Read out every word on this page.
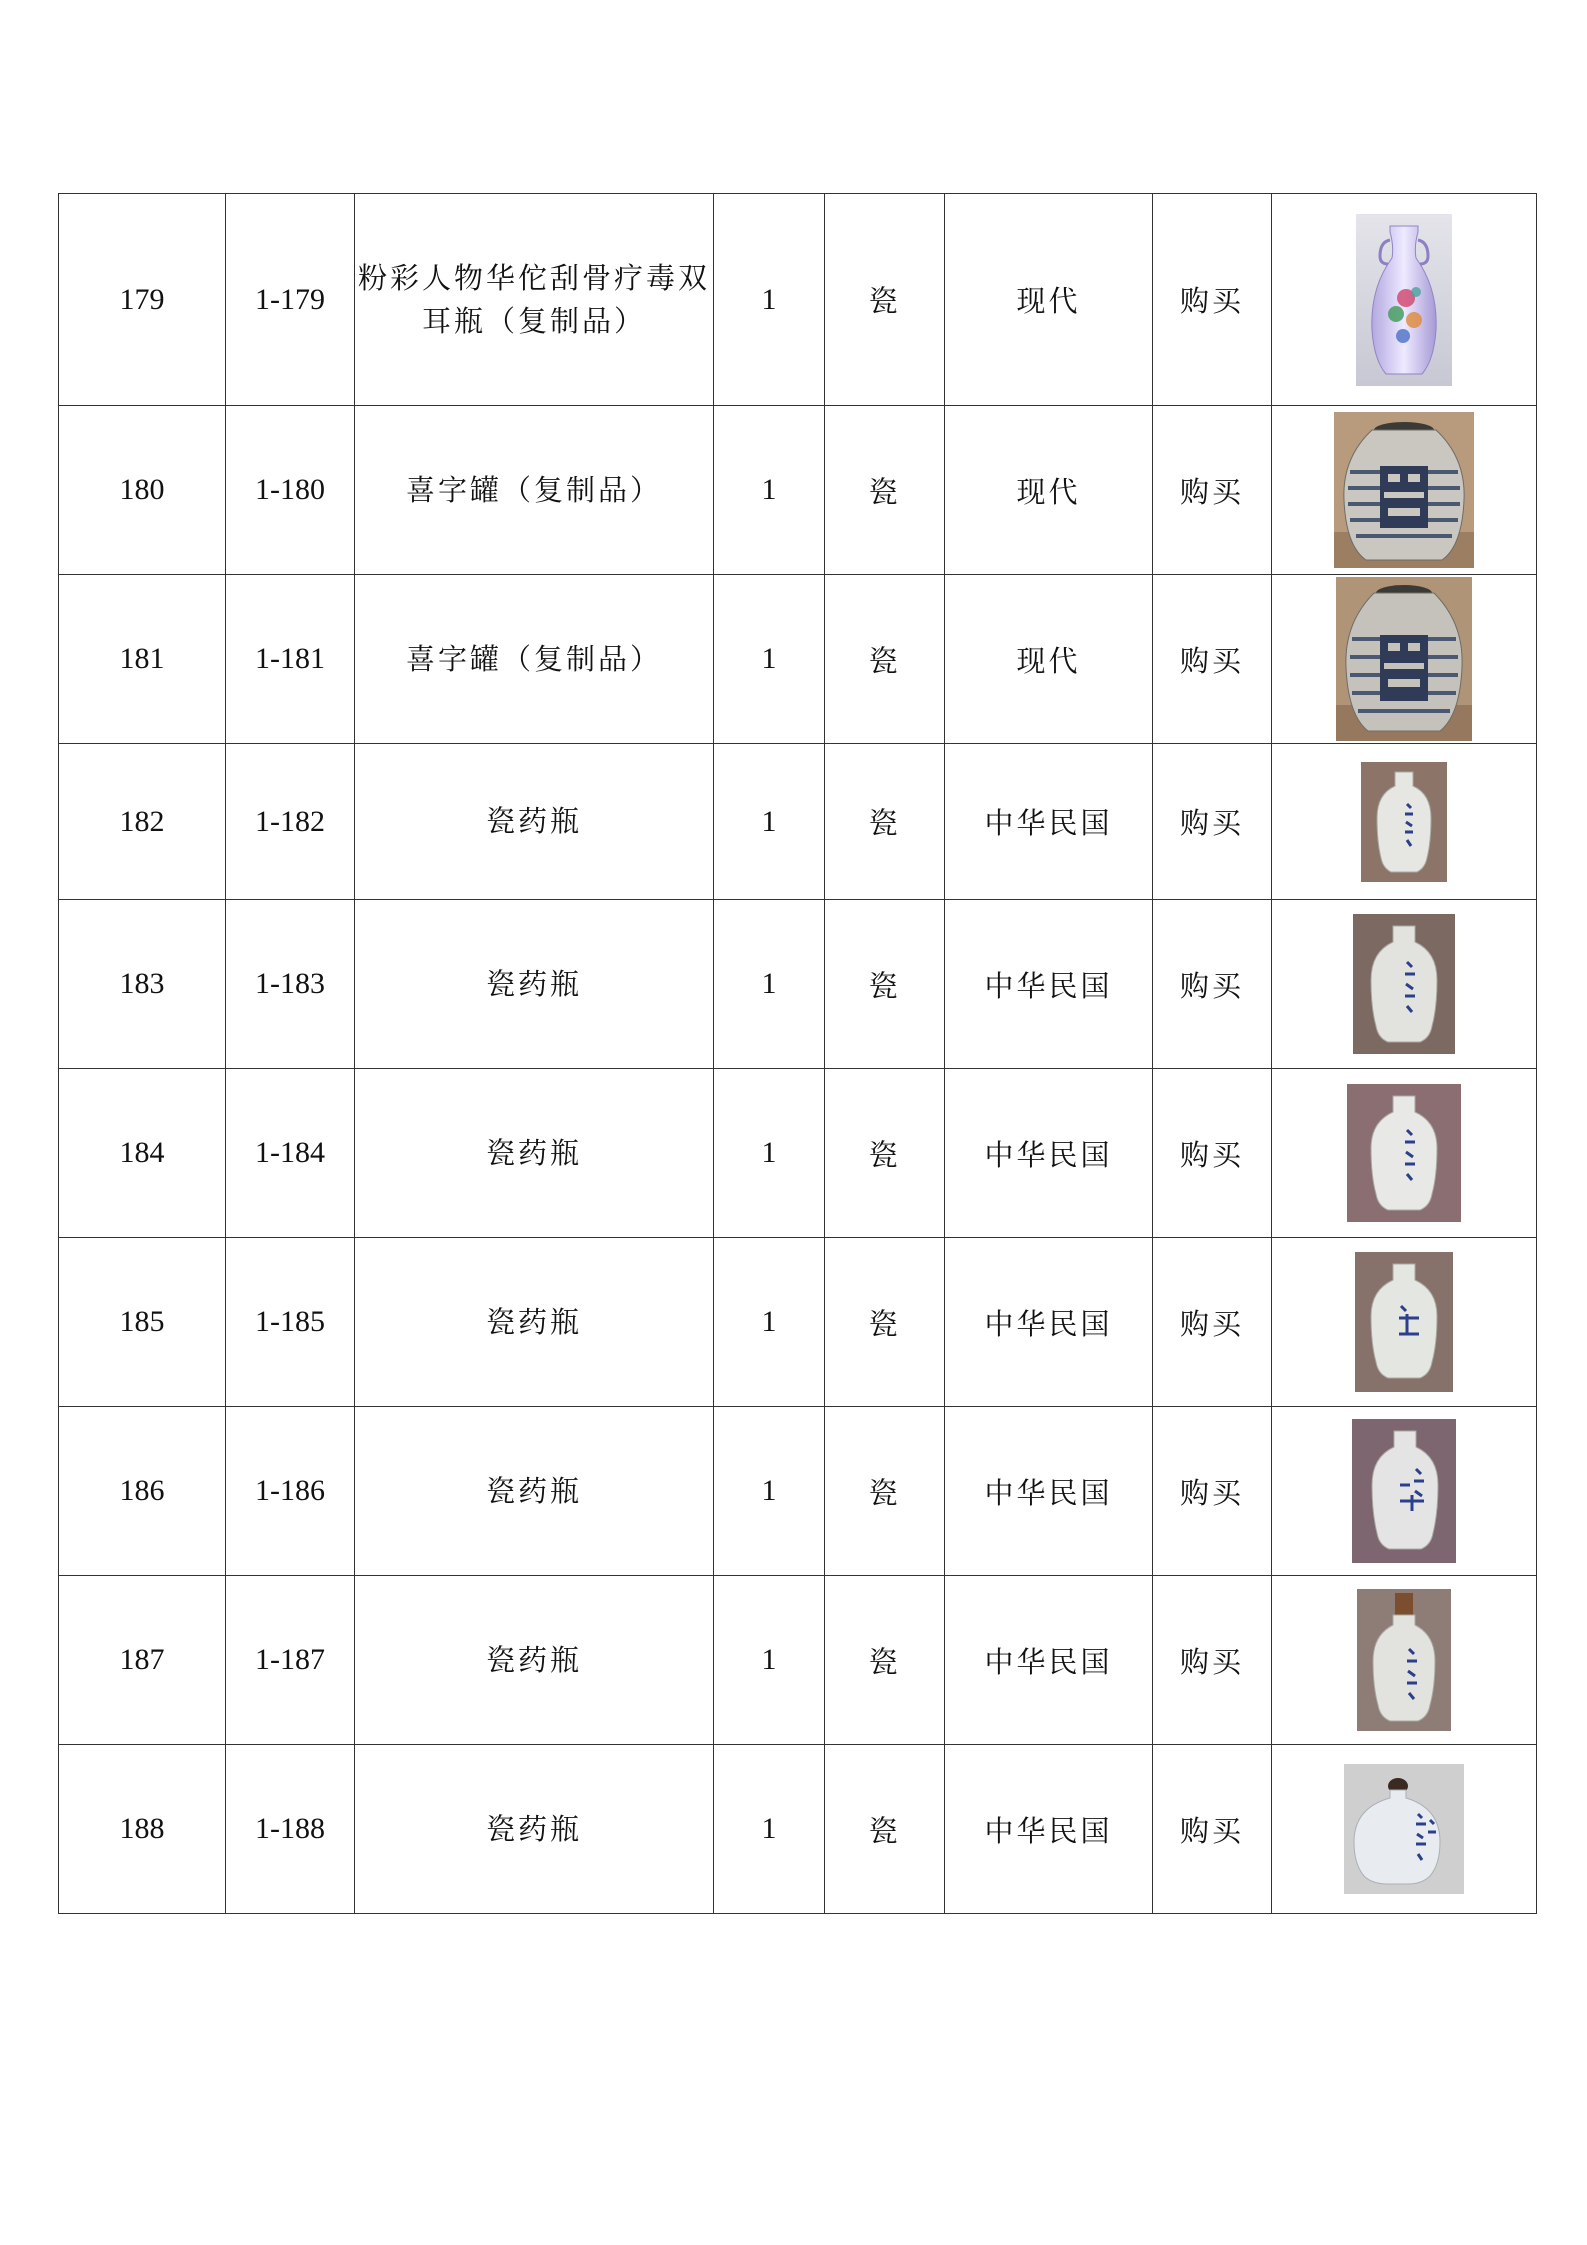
179	1-179	粉彩人物华佗刮骨疗毒双耳瓶（复制品）	1	瓷	现代	购买	

180	1-180	喜字罐（复制品）	1	瓷	现代	购买	

181	1-181	喜字罐（复制品）	1	瓷	现代	购买	

182	1-182	瓷药瓶	1	瓷	中华民国	购买	

183	1-183	瓷药瓶	1	瓷	中华民国	购买	

184	1-184	瓷药瓶	1	瓷	中华民国	购买	

185	1-185	瓷药瓶	1	瓷	中华民国	购买	

186	1-186	瓷药瓶	1	瓷	中华民国	购买	

187	1-187	瓷药瓶	1	瓷	中华民国	购买	

188	1-188	瓷药瓶	1	瓷	中华民国	购买	
